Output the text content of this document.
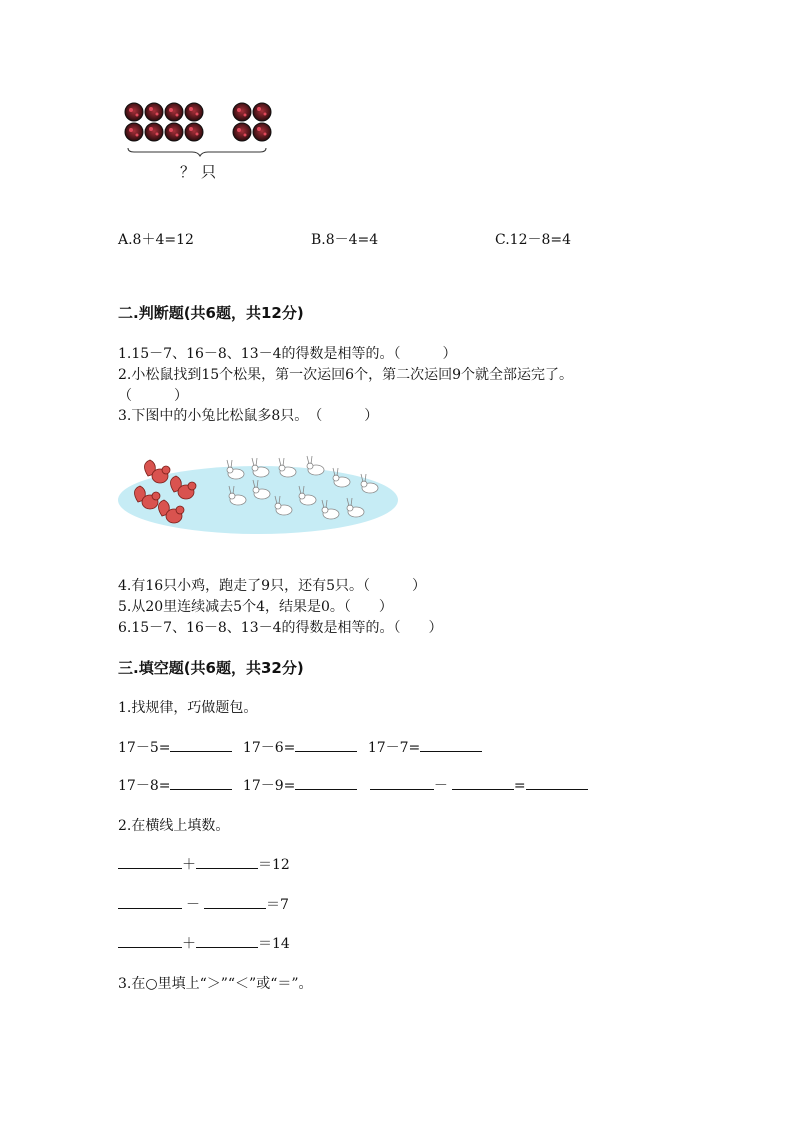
？只
A.8＋4=12	B.8－4=4	C.12－8=4
二.判断题(共6题，共12分)
1.15－7、16－8、13－4的得数是相等的。（　　　）
2.小松鼠找到15个松果，第一次运回6个，第二次运回9个就全部运完了。
（　　　）
3.下图中的小兔比松鼠多8只。　（　　　）
4.有16只小鸡，跑走了9只，还有5只。（　　　）
5.从20里连续减去5个4，结果是0。（　　）
6.15－7、16－8、13－4的得数是相等的。（　　）
三.填空题(共6题，共32分)
1.找规律，巧做题包。
17－5=	17－6=	17－7=
17－8=	17－9=	－	=
2.在横线上填数。
＋	＝12
－	＝7
＋	＝14
3.在○里填上“＞”“＜”或“＝”。
